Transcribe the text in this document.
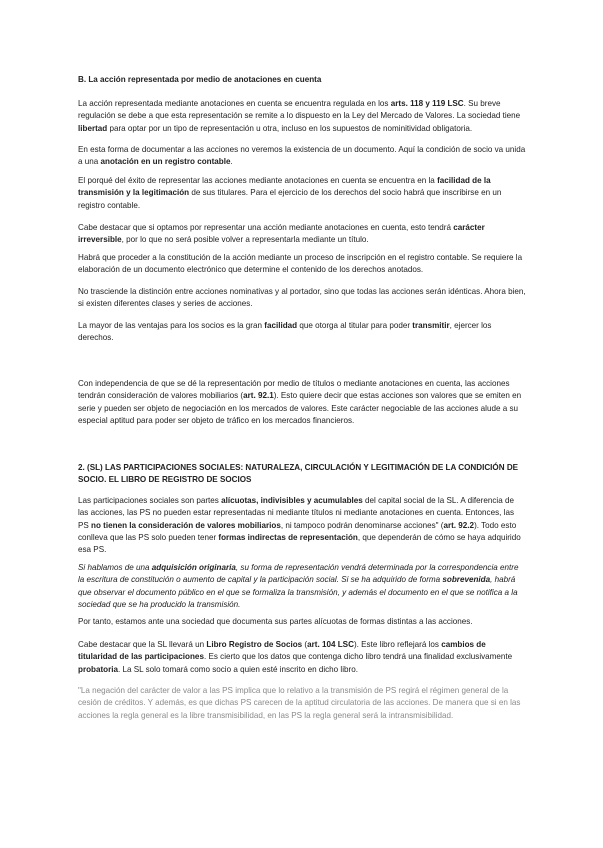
B. La acción representada por medio de anotaciones en cuenta
La acción representada mediante anotaciones en cuenta se encuentra regulada en los arts. 118 y 119 LSC. Su breve regulación se debe a que esta representación se remite a lo dispuesto en la Ley del Mercado de Valores. La sociedad tiene libertad para optar por un tipo de representación u otra, incluso en los supuestos de nominitividad obligatoria.
En esta forma de documentar a las acciones no veremos la existencia de un documento. Aquí la condición de socio va unida a una anotación en un registro contable.
El porqué del éxito de representar las acciones mediante anotaciones en cuenta se encuentra en la facilidad de la transmisión y la legitimación de sus titulares. Para el ejercicio de los derechos del socio habrá que inscribirse en un registro contable.
Cabe destacar que si optamos por representar una acción mediante anotaciones en cuenta, esto tendrá carácter irreversible, por lo que no será posible volver a representarla mediante un título.
Habrá que proceder a la constitución de la acción mediante un proceso de inscripción en el registro contable. Se requiere la elaboración de un documento electrónico que determine el contenido de los derechos anotados.
No trasciende la distinción entre acciones nominativas y al portador, sino que todas las acciones serán idénticas. Ahora bien, si existen diferentes clases y series de acciones.
La mayor de las ventajas para los socios es la gran facilidad que otorga al titular para poder transmitir, ejercer los derechos.
Con independencia de que se dé la representación por medio de títulos o mediante anotaciones en cuenta, las acciones tendrán consideración de valores mobiliarios (art. 92.1). Esto quiere decir que estas acciones son valores que se emiten en serie y pueden ser objeto de negociación en los mercados de valores. Este carácter negociable de las acciones alude a su especial aptitud para poder ser objeto de tráfico en los mercados financieros.
2. (SL) LAS PARTICIPACIONES SOCIALES: NATURALEZA, CIRCULACIÓN Y LEGITIMACIÓN DE LA CONDICIÓN DE SOCIO. EL LIBRO DE REGISTRO DE SOCIOS
Las participaciones sociales son partes alícuotas, indivisibles y acumulables del capital social de la SL. A diferencia de las acciones, las PS no pueden estar representadas ni mediante títulos ni mediante anotaciones en cuenta. Entonces, las PS no tienen la consideración de valores mobiliarios, ni tampoco podrán denominarse acciones" (art. 92.2). Todo esto conlleva que las PS solo pueden tener formas indirectas de representación, que dependerán de cómo se haya adquirido esa PS.
Si hablamos de una adquisición originaria, su forma de representación vendrá determinada por la correspondencia entre la escritura de constitución o aumento de capital y la participación social. Si se ha adquirido de forma sobrevenida, habrá que observar el documento público en el que se formaliza la transmisión, y además el documento en el que se notifica a la sociedad que se ha producido la transmisión.
Por tanto, estamos ante una sociedad que documenta sus partes alícuotas de formas distintas a las acciones.
Cabe destacar que la SL llevará un Libro Registro de Socios (art. 104 LSC). Este libro reflejará los cambios de titularidad de las participaciones. Es cierto que los datos que contenga dicho libro tendrá una finalidad exclusivamente probatoria. La SL solo tomará como socio a quien esté inscrito en dicho libro.
"La negación del carácter de valor a las PS implica que lo relativo a la transmisión de PS regirá el régimen general de la cesión de créditos. Y además, es que dichas PS carecen de la aptitud circulatoria de las acciones. De manera que si en las acciones la regla general es la libre transmisibilidad, en las PS la regla general será la intransmisibilidad.
